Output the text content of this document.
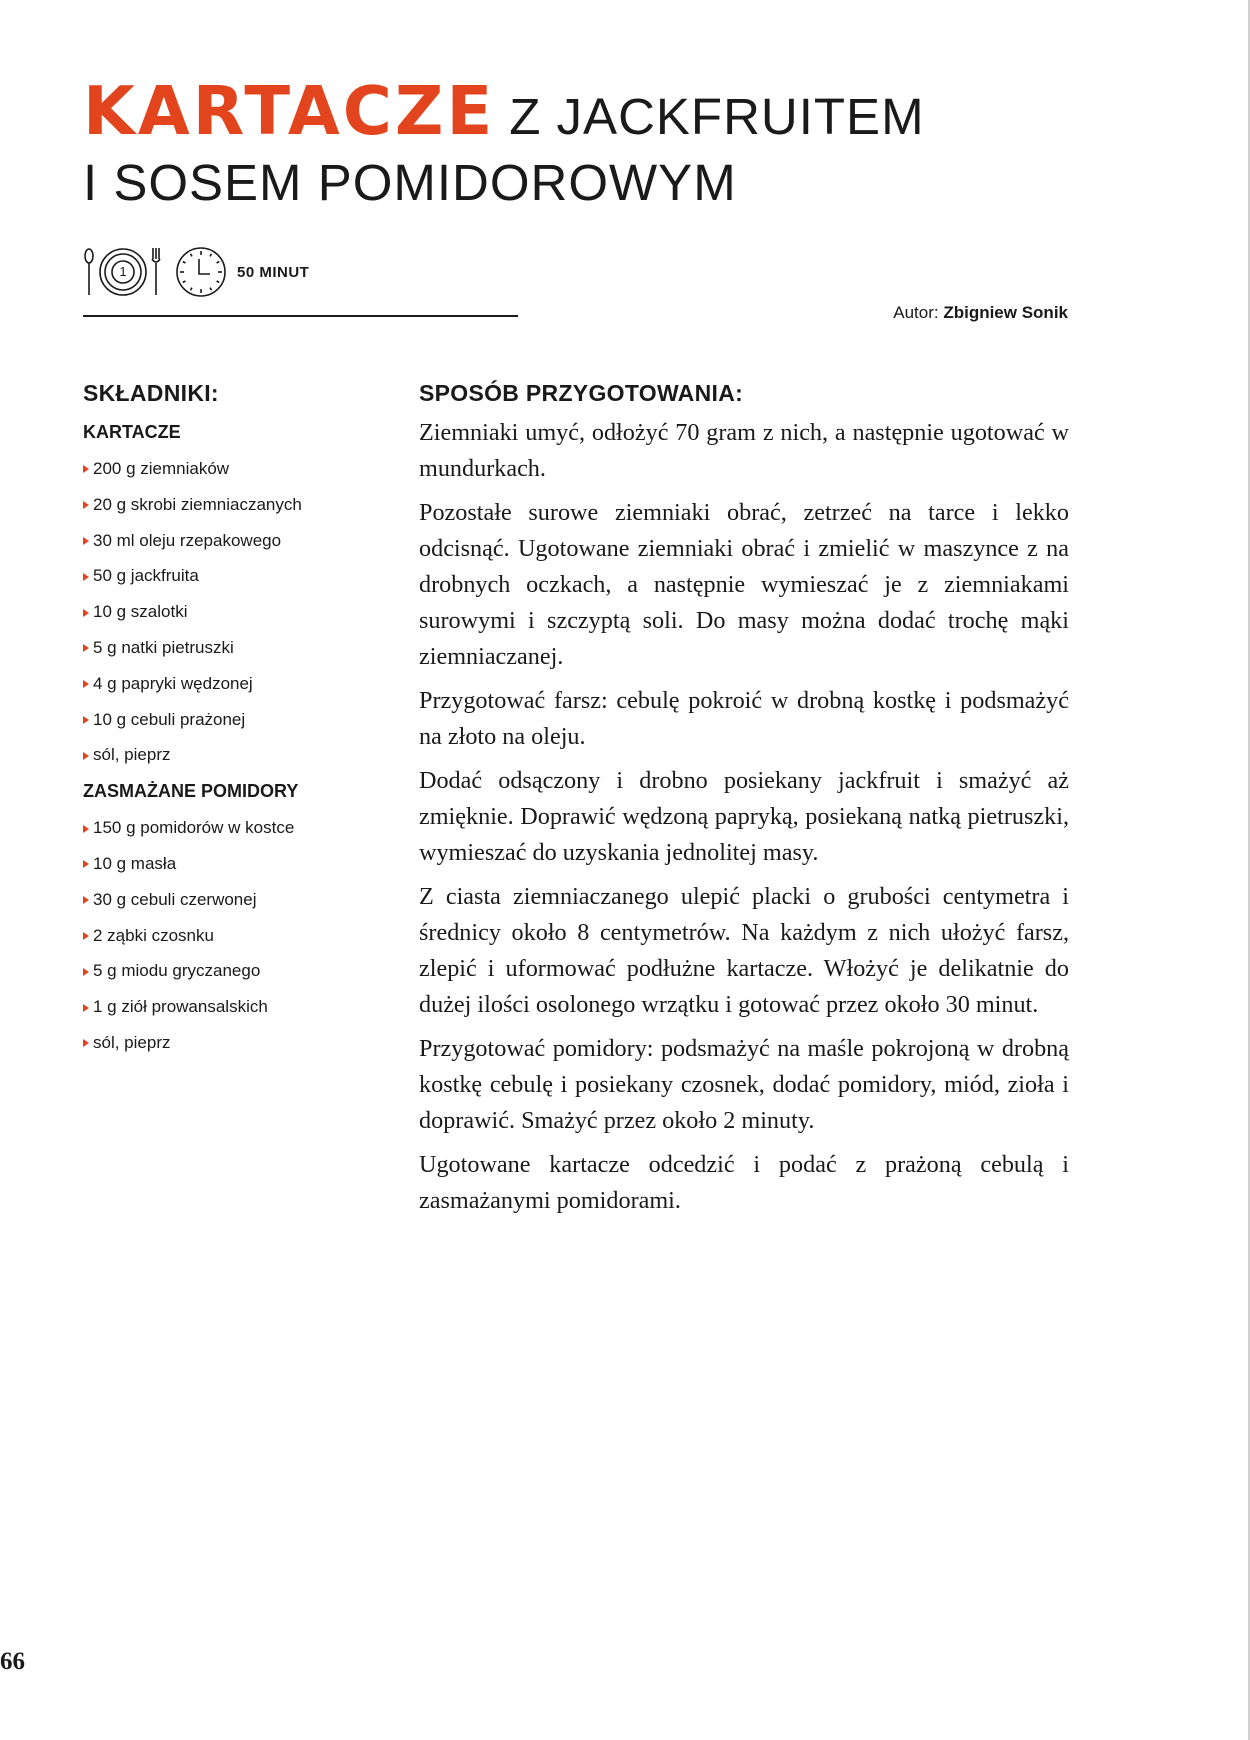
KARTACZE Z JACKFRUITEM
I SOSEM POMIDOROWYM
1	50 MINUT
Autor: Zbigniew Sonik
SKŁADNIKI:
KARTACZE
200 g ziemniaków
20 g skrobi ziemniaczanych
30 ml oleju rzepakowego
50 g jackfruita
10 g szalotki
5 g natki pietruszki
4 g papryki wędzonej
10 g cebuli prażonej
sól, pieprz
ZASMAŻANE POMIDORY
150 g pomidorów w kostce
10 g masła
30 g cebuli czerwonej
2 ząbki czosnku
5 g miodu gryczanego
1 g ziół prowansalskich
sól, pieprz
SPOSÓB PRZYGOTOWANIA:

Ziemniaki umyć, odłożyć 70 gram z nich, a następnie ugotować w mundurkach.

Pozostałe surowe ziemniaki obrać, zetrzeć na tarce i lekko odcisnąć. Ugotowane ziemniaki obrać i zmielić w maszynce z na drobnych oczkach, a następnie wymieszać je z ziemniakami surowymi i szczyptą soli. Do masy można dodać trochę mąki ziemniaczanej.

Przygotować farsz: cebulę pokroić w drobną kostkę i podsmażyć na złoto na oleju.

Dodać odsączony i drobno posiekany jackfruit i smażyć aż zmięknie. Doprawić wędzoną papryką, posiekaną natką pietruszki, wymieszać do uzyskania jednolitej masy.

Z ciasta ziemniaczanego ulepić placki o grubości centymetra i średnicy około 8 centymetrów. Na każdym z nich ułożyć farsz, zlepić i uformować podłużne kartacze. Włożyć je delikatnie do dużej ilości osolonego wrzątku i gotować przez około 30 minut.

Przygotować pomidory: podsmażyć na maśle pokrojoną w drobną kostkę cebulę i posiekany czosnek, dodać pomidory, miód, zioła i doprawić. Smażyć przez około 2 minuty.

Ugotowane kartacze odcedzić i podać z prażoną cebulą i zasmażanymi pomidorami.

66
